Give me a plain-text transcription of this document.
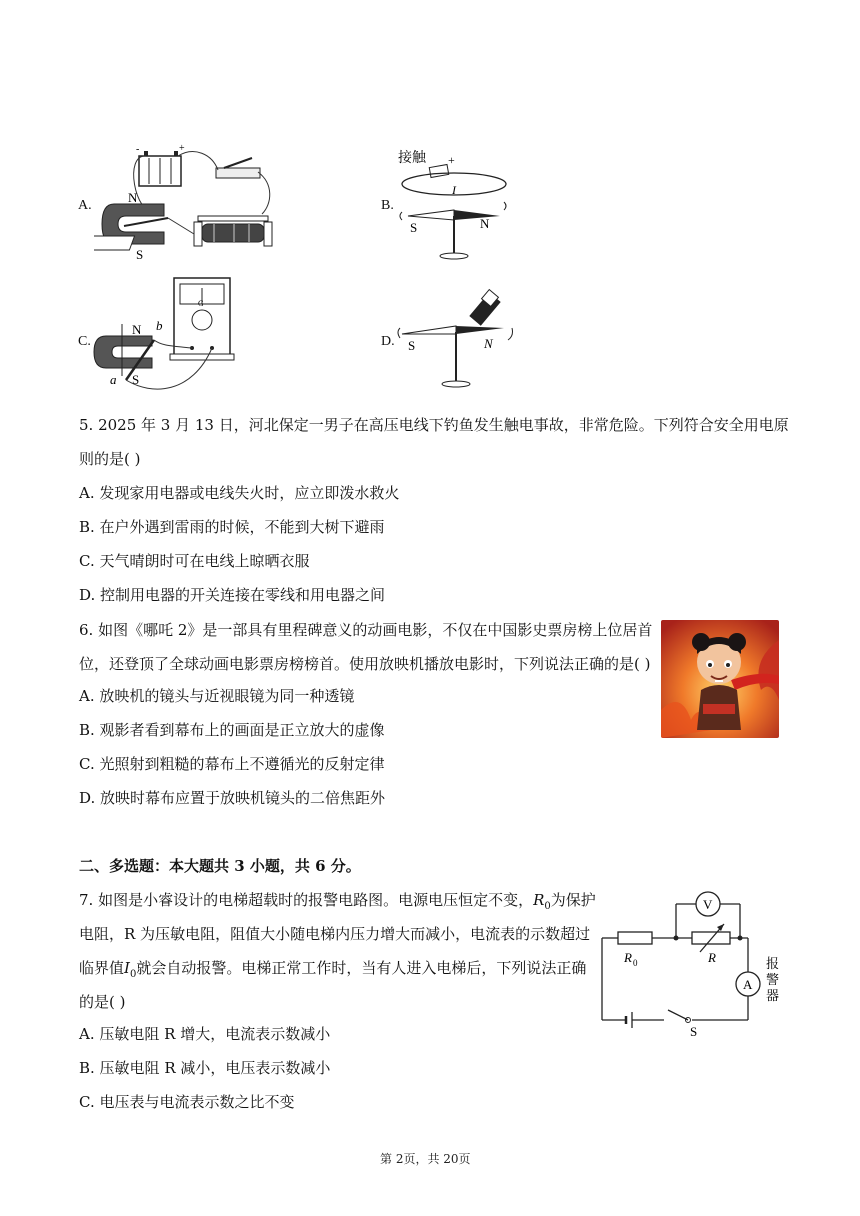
A.
-	+
N
S
B.
接触 +
I
S	N
C.
G
N
S
a
b
D. S	N
5. 2025 年 3 月 13 日，河北保定一男子在高压电线下钓鱼发生触电事故，非常危险。下列符合安全用电原
则的是( )
A. 发现家用电器或电线失火时，应立即泼水救火
B. 在户外遇到雷雨的时候，不能到大树下避雨
C. 天气晴朗时可在电线上晾晒衣服
D. 控制用电器的开关连接在零线和用电器之间
6. 如图《哪吒 2》是一部具有里程碑意义的动画电影，不仅在中国影史票房榜上位居首
位，还登顶了全球动画电影票房榜榜首。使用放映机播放电影时，下列说法正确的是( )
A. 放映机的镜头与近视眼镜为同一种透镜
B. 观影者看到幕布上的画面是正立放大的虚像
C. 光照射到粗糙的幕布上不遵循光的反射定律
D. 放映时幕布应置于放映机镜头的二倍焦距外
二、多选题：本大题共 3 小题，共 6 分。
7. 如图是小睿设计的电梯超载时的报警电路图。电源电压恒定不变，$R_0$为保护
电阻，R 为压敏电阻，阻值大小随电梯内压力增大而减小，电流表的示数超过
临界值$I_0$就会自动报警。电梯正常工作时，当有人进入电梯后，下列说法正确
的是( )
A. 压敏电阻 R 增大，电流表示数减小
B. 压敏电阻 R 减小，电压表示数减小
C. 电压表与电流表示数之比不变
A
V
R 0	R
S
报
警
器
第 2页，共 20页
